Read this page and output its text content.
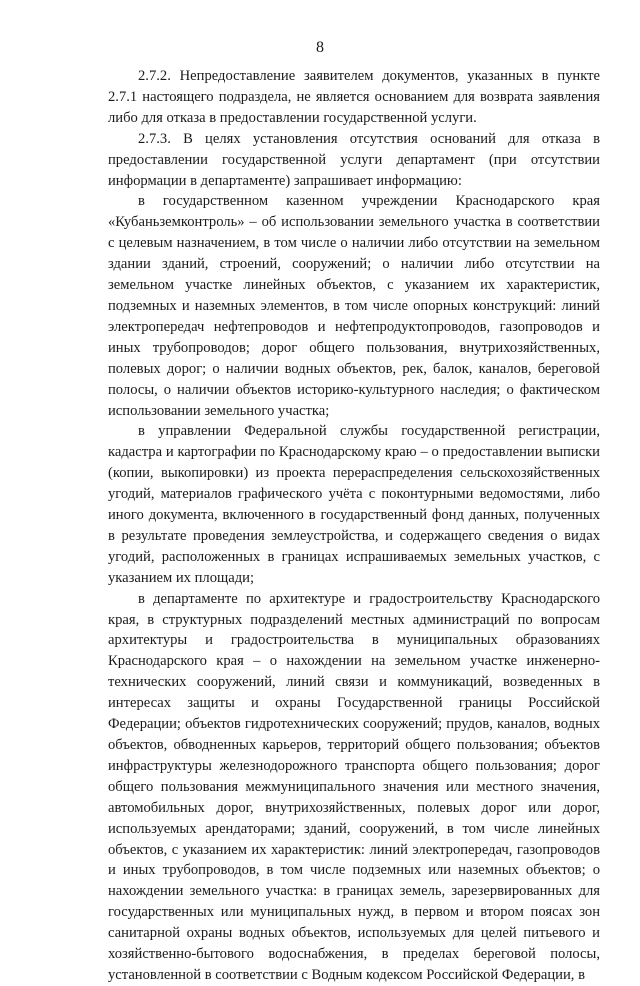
8

2.7.2. Непредоставление заявителем документов, указанных в пункте 2.7.1 настоящего подраздела, не является основанием для возврата заявления либо для отказа в предоставлении государственной услуги.

2.7.3. В целях установления отсутствия оснований для отказа в предоставлении государственной услуги департамент (при отсутствии информации в департаменте) запрашивает информацию:

в государственном казенном учреждении Краснодарского края «Кубаньземконтроль» – об использовании земельного участка в соответствии с целевым назначением, в том числе о наличии либо отсутствии на земельном здании зданий, строений, сооружений; о наличии либо отсутствии на земельном участке линейных объектов, с указанием их характеристик, подземных и наземных элементов, в том числе опорных конструкций: линий электропередач нефтепроводов и нефтепродуктопроводов, газопроводов и иных трубопроводов; дорог общего пользования, внутрихозяйственных, полевых дорог; о наличии водных объектов, рек, балок, каналов, береговой полосы, о наличии объектов историко-культурного наследия; о фактическом использовании земельного участка;

в управлении Федеральной службы государственной регистрации, кадастра и картографии по Краснодарскому краю – о предоставлении выписки (копии, выкопировки) из проекта перераспределения сельскохозяйственных угодий, материалов графического учёта с поконтурными ведомостями, либо иного документа, включенного в государственный фонд данных, полученных в результате проведения землеустройства, и содержащего сведения о видах угодий, расположенных в границах испрашиваемых земельных участков, с указанием их площади;

в департаменте по архитектуре и градостроительству Краснодарского края, в структурных подразделений местных администраций по вопросам архитектуры и градостроительства в муниципальных образованиях Краснодарского края – о нахождении на земельном участке инженерно-технических сооружений, линий связи и коммуникаций, возведенных в интересах защиты и охраны Государственной границы Российской Федерации; объектов гидротехнических сооружений; прудов, каналов, водных объектов, обводненных карьеров, территорий общего пользования; объектов инфраструктуры железнодорожного транспорта общего пользования; дорог общего пользования межмуниципального значения или местного значения, автомобильных дорог, внутрихозяйственных, полевых дорог или дорог, используемых арендаторами; зданий, сооружений, в том числе линейных объектов, с указанием их характеристик: линий электропередач, газопроводов и иных трубопроводов, в том числе подземных или наземных объектов; о нахождении земельного участка: в границах земель, зарезервированных для государственных или муниципальных нужд, в первом и втором поясах зон санитарной охраны водных объектов, используемых для целей питьевого и хозяйственно-бытового водоснабжения, в пределах береговой полосы, установленной в соответствии с Водным кодексом Российской Федерации, в
